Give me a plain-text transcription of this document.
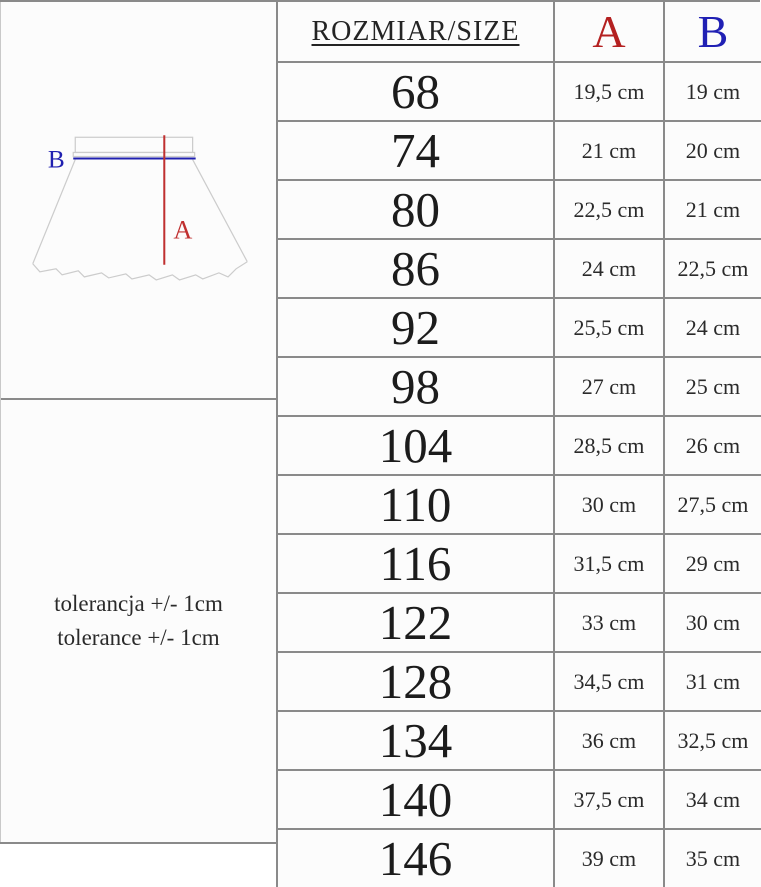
B
A
tolerancja +/- 1cm
tolerance +/- 1cm
ROZMIAR/SIZE	A	B
68	19,5 cm	19 cm
74	21 cm	20 cm
80	22,5 cm	21 cm
86	24 cm	22,5 cm
92	25,5 cm	24 cm
98	27 cm	25 cm
104	28,5 cm	26 cm
110	30 cm	27,5 cm
116	31,5 cm	29 cm
122	33 cm	30 cm
128	34,5 cm	31 cm
134	36 cm	32,5 cm
140	37,5 cm	34 cm
146	39 cm	35 cm
